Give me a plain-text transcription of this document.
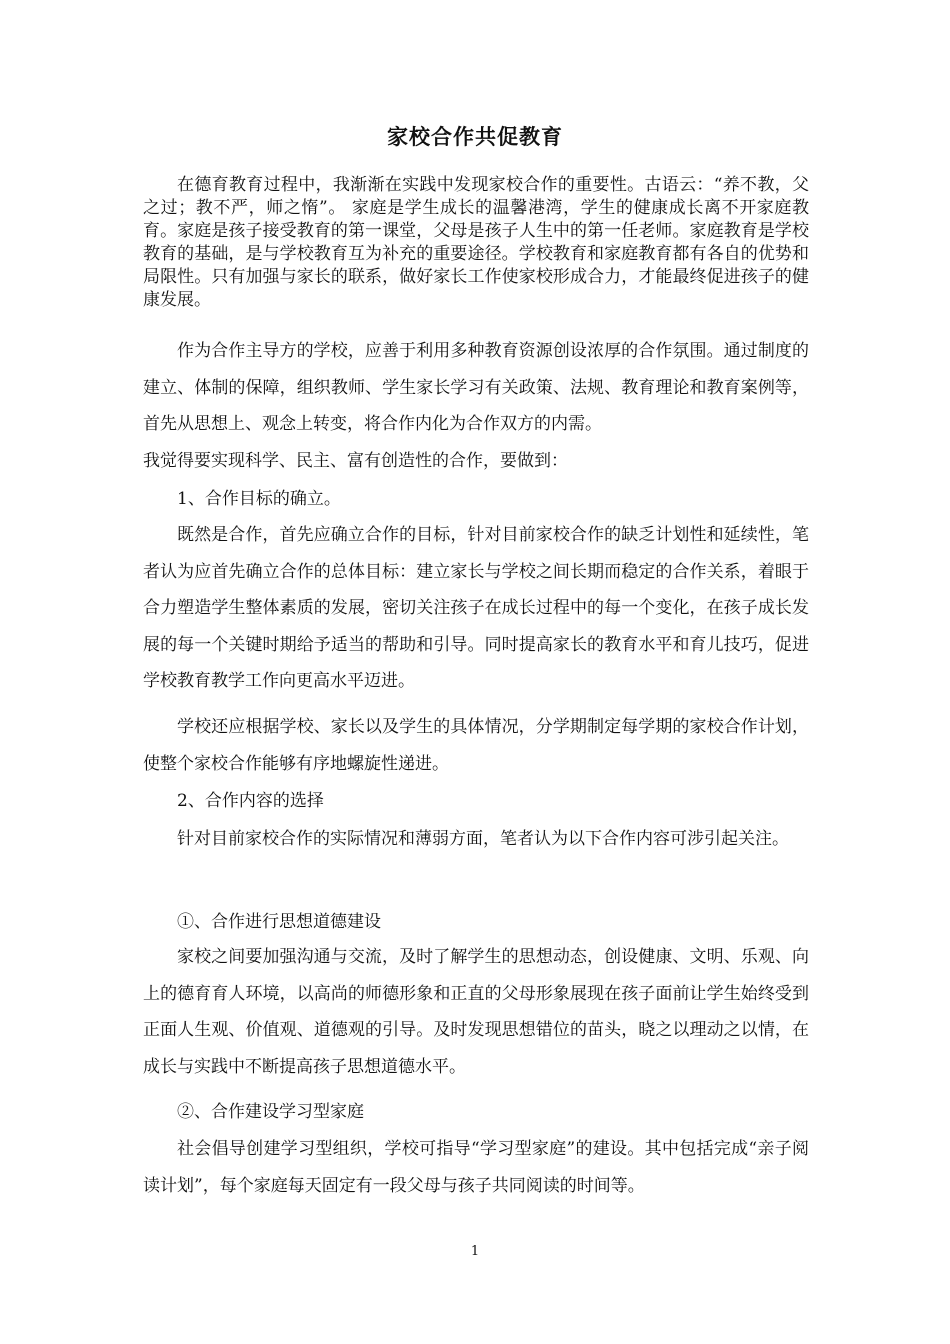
家校合作共促教育
在德育教育过程中，我渐渐在实践中发现家校合作的重要性。古语云：“养不教，父之过；教不严，师之惰”。 家庭是学生成长的温馨港湾，学生的健康成长离不开家庭教育。家庭是孩子接受教育的第一课堂，父母是孩子人生中的第一任老师。家庭教育是学校教育的基础，是与学校教育互为补充的重要途径。学校教育和家庭教育都有各自的优势和局限性。只有加强与家长的联系，做好家长工作使家校形成合力，才能最终促进孩子的健康发展。
作为合作主导方的学校，应善于利用多种教育资源创设浓厚的合作氛围。通过制度的建立、体制的保障，组织教师、学生家长学习有关政策、法规、教育理论和教育案例等，首先从思想上、观念上转变，将合作内化为合作双方的内需。
我觉得要实现科学、民主、富有创造性的合作，要做到：
1、合作目标的确立。
既然是合作，首先应确立合作的目标，针对目前家校合作的缺乏计划性和延续性，笔者认为应首先确立合作的总体目标：建立家长与学校之间长期而稳定的合作关系，着眼于合力塑造学生整体素质的发展，密切关注孩子在成长过程中的每一个变化，在孩子成长发展的每一个关键时期给予适当的帮助和引导。同时提高家长的教育水平和育儿技巧，促进学校教育教学工作向更高水平迈进。
学校还应根据学校、家长以及学生的具体情况，分学期制定每学期的家校合作计划，使整个家校合作能够有序地螺旋性递进。
2、合作内容的选择
针对目前家校合作的实际情况和薄弱方面，笔者认为以下合作内容可涉引起关注。
①、合作进行思想道德建设
家校之间要加强沟通与交流，及时了解学生的思想动态，创设健康、文明、乐观、向上的德育育人环境，以高尚的师德形象和正直的父母形象展现在孩子面前让学生始终受到正面人生观、价值观、道德观的引导。及时发现思想错位的苗头，晓之以理动之以情，在成长与实践中不断提高孩子思想道德水平。
②、合作建设学习型家庭
社会倡导创建学习型组织，学校可指导“学习型家庭”的建设。其中包括完成“亲子阅读计划”，每个家庭每天固定有一段父母与孩子共同阅读的时间等。
1
